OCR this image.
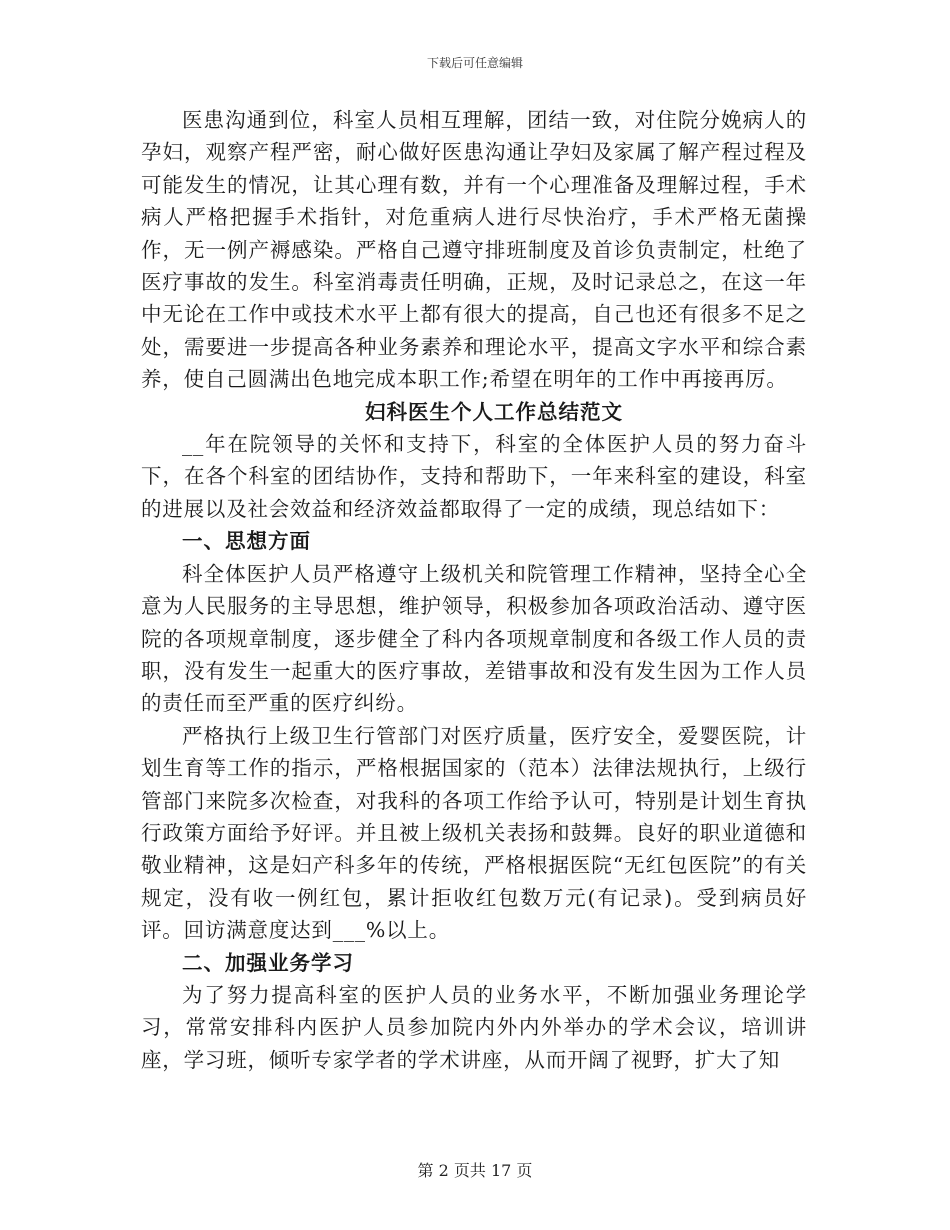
下载后可任意编辑

医患沟通到位，科室人员相互理解，团结一致，对住院分娩病人的孕妇，观察产程严密，耐心做好医患沟通让孕妇及家属了解产程过程及可能发生的情况，让其心理有数，并有一个心理准备及理解过程，手术病人严格把握手术指针，对危重病人进行尽快治疗，手术严格无菌操作，无一例产褥感染。严格自己遵守排班制度及首诊负责制定，杜绝了医疗事故的发生。科室消毒责任明确，正规，及时记录总之，在这一年中无论在工作中或技术水平上都有很大的提高，自己也还有很多不足之处，需要进一步提高各种业务素养和理论水平，提高文字水平和综合素养，使自己圆满出色地完成本职工作;希望在明年的工作中再接再厉。

妇科医生个人工作总结范文

__年在院领导的关怀和支持下，科室的全体医护人员的努力奋斗下，在各个科室的团结协作，支持和帮助下，一年来科室的建设，科室的进展以及社会效益和经济效益都取得了一定的成绩，现总结如下：

一、思想方面

科全体医护人员严格遵守上级机关和院管理工作精神，坚持全心全意为人民服务的主导思想，维护领导，积极参加各项政治活动、遵守医院的各项规章制度，逐步健全了科内各项规章制度和各级工作人员的责职，没有发生一起重大的医疗事故，差错事故和没有发生因为工作人员的责任而至严重的医疗纠纷。

严格执行上级卫生行管部门对医疗质量，医疗安全，爱婴医院，计划生育等工作的指示，严格根据国家的（范本）法律法规执行，上级行管部门来院多次检查，对我科的各项工作给予认可，特别是计划生育执行政策方面给予好评。并且被上级机关表扬和鼓舞。良好的职业道德和敬业精神，这是妇产科多年的传统，严格根据医院“无红包医院”的有关规定，没有收一例红包，累计拒收红包数万元(有记录)。受到病员好评。回访满意度达到___%以上。

二、加强业务学习

为了努力提高科室的医护人员的业务水平，不断加强业务理论学习，常常安排科内医护人员参加院内外内外举办的学术会议，培训讲座，学习班，倾听专家学者的学术讲座，从而开阔了视野，扩大了知

第 2 页共 17 页
